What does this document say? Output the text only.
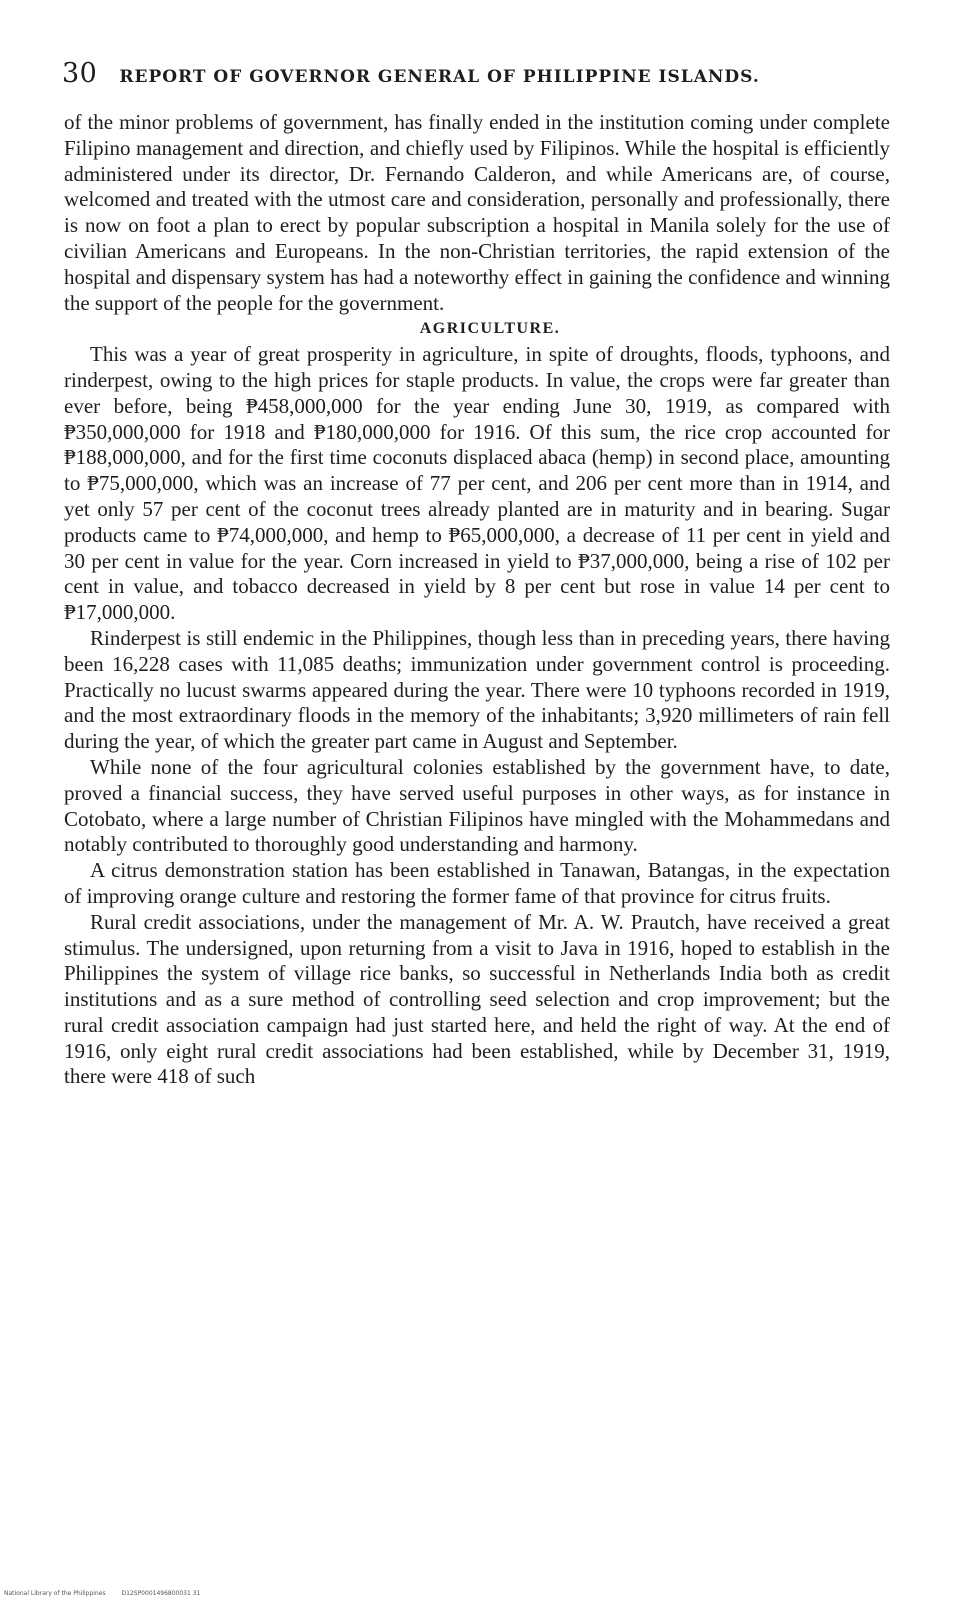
30 REPORT OF GOVERNOR GENERAL OF PHILIPPINE ISLANDS.

of the minor problems of government, has finally ended in the institution coming under complete Filipino management and direction, and chiefly used by Filipinos. While the hospital is efficiently administered under its director, Dr. Fernando Calderon, and while Americans are, of course, welcomed and treated with the utmost care and consideration, personally and professionally, there is now on foot a plan to erect by popular subscription a hospital in Manila solely for the use of civilian Americans and Europeans. In the non-Christian territories, the rapid extension of the hospital and dispensary system has had a noteworthy effect in gaining the confidence and winning the support of the people for the government.

AGRICULTURE.

This was a year of great prosperity in agriculture, in spite of droughts, floods, typhoons, and rinderpest, owing to the high prices for staple products. In value, the crops were far greater than ever before, being ₱458,000,000 for the year ending June 30, 1919, as compared with ₱350,000,000 for 1918 and ₱180,000,000 for 1916. Of this sum, the rice crop accounted for ₱188,000,000, and for the first time coconuts displaced abaca (hemp) in second place, amounting to ₱75,000,000, which was an increase of 77 per cent, and 206 per cent more than in 1914, and yet only 57 per cent of the coconut trees already planted are in maturity and in bearing. Sugar products came to ₱74,000,000, and hemp to ₱65,000,000, a decrease of 11 per cent in yield and 30 per cent in value for the year. Corn increased in yield to ₱37,000,000, being a rise of 102 per cent in value, and tobacco decreased in yield by 8 per cent but rose in value 14 per cent to ₱17,000,000.

Rinderpest is still endemic in the Philippines, though less than in preceding years, there having been 16,228 cases with 11,085 deaths; immunization under government control is proceeding. Practically no lucust swarms appeared during the year. There were 10 typhoons recorded in 1919, and the most extraordinary floods in the memory of the inhabitants; 3,920 millimeters of rain fell during the year, of which the greater part came in August and September.

While none of the four agricultural colonies established by the government have, to date, proved a financial success, they have served useful purposes in other ways, as for instance in Cotobato, where a large number of Christian Filipinos have mingled with the Mohammedans and notably contributed to thoroughly good understanding and harmony.

A citrus demonstration station has been established in Tanawan, Batangas, in the expectation of improving orange culture and restoring the former fame of that province for citrus fruits.

Rural credit associations, under the management of Mr. A. W. Prautch, have received a great stimulus. The undersigned, upon returning from a visit to Java in 1916, hoped to establish in the Philippines the system of village rice banks, so successful in Netherlands India both as credit institutions and as a sure method of controlling seed selection and crop improvement; but the rural credit association campaign had just started here, and held the right of way. At the end of 1916, only eight rural credit associations had been established, while by December 31, 1919, there were 418 of such

National Library of the Philippines	D12SP0001496800031 31
